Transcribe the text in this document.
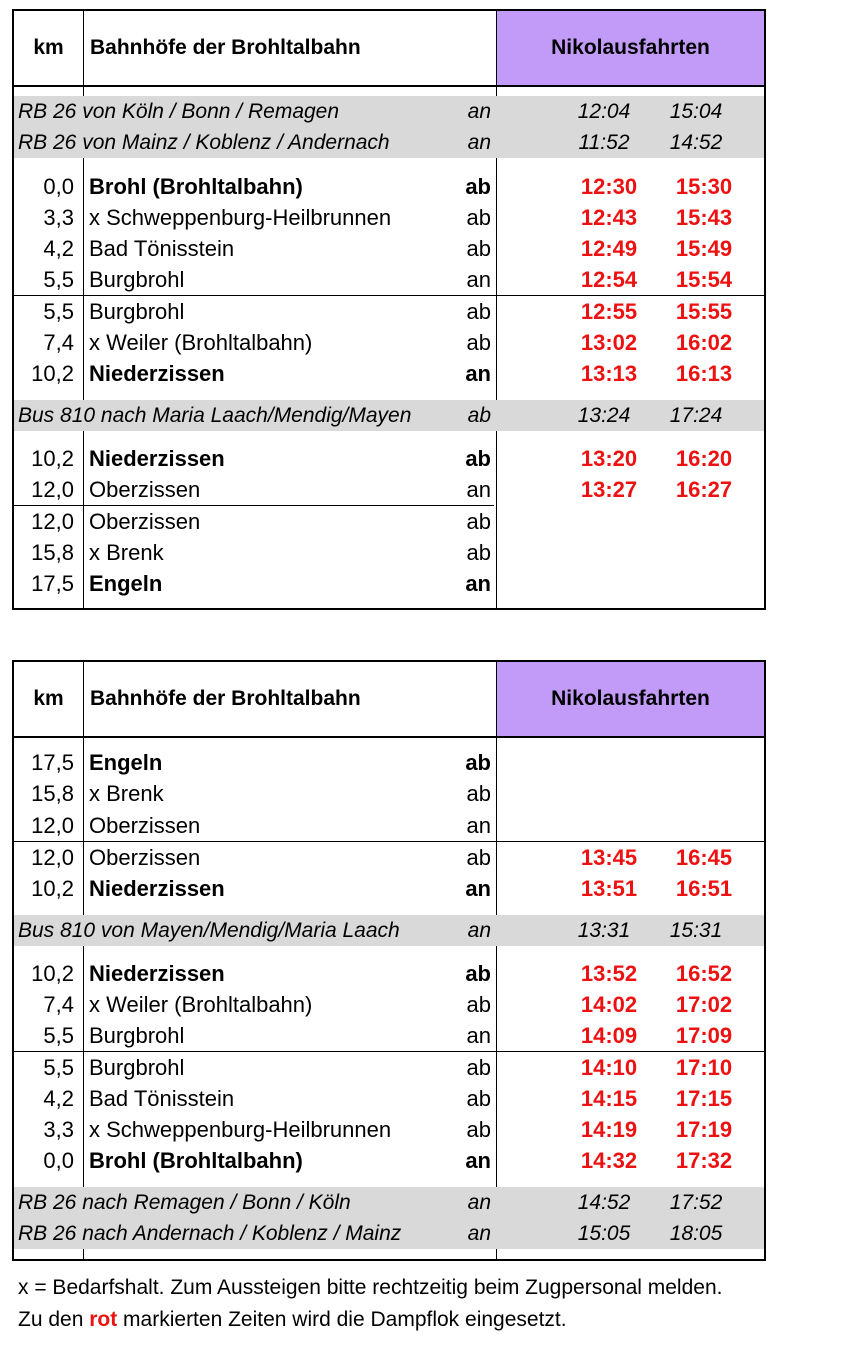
km	Bahnhöfe der Brohltalbahn	Nikolausfahrten
RB 26 von Köln / Bonn / Remagen	an	12:04	15:04
RB 26 von Mainz / Koblenz / Andernach	an	11:52	14:52
0,0 Brohl (Brohltalbahn)	ab	12:30	15:30
3,3 x Schweppenburg-Heilbrunnen	ab	12:43	15:43
4,2 Bad Tönisstein	ab	12:49	15:49
5,5 Burgbrohl	an	12:54	15:54
5,5 Burgbrohl	ab	12:55	15:55
7,4 x Weiler (Brohltalbahn)	ab	13:02	16:02
10,2 Niederzissen	an	13:13	16:13
Bus 810 nach Maria Laach/Mendig/Mayen	ab	13:24	17:24
10,2 Niederzissen	ab	13:20	16:20
12,0 Oberzissen	an	13:27	16:27
12,0 Oberzissen	ab
15,8 x Brenk	ab
17,5 Engeln	an
km	Bahnhöfe der Brohltalbahn	Nikolausfahrten
17,5 Engeln	ab
15,8 x Brenk	ab
12,0 Oberzissen	an
12,0 Oberzissen	ab	13:45	16:45
10,2 Niederzissen	an	13:51	16:51
Bus 810 von Mayen/Mendig/Maria Laach	an	13:31	15:31
10,2 Niederzissen	ab	13:52	16:52
7,4 x Weiler (Brohltalbahn)	ab	14:02	17:02
5,5 Burgbrohl	an	14:09	17:09
5,5 Burgbrohl	ab	14:10	17:10
4,2 Bad Tönisstein	ab	14:15	17:15
3,3 x Schweppenburg-Heilbrunnen	ab	14:19	17:19
0,0 Brohl (Brohltalbahn)	an	14:32	17:32
RB 26 nach Remagen / Bonn / Köln	an	14:52	17:52
RB 26 nach Andernach / Koblenz / Mainz	an	15:05	18:05
x = Bedarfshalt. Zum Aussteigen bitte rechtzeitig beim Zugpersonal melden.
Zu den rot markierten Zeiten wird die Dampflok eingesetzt.
